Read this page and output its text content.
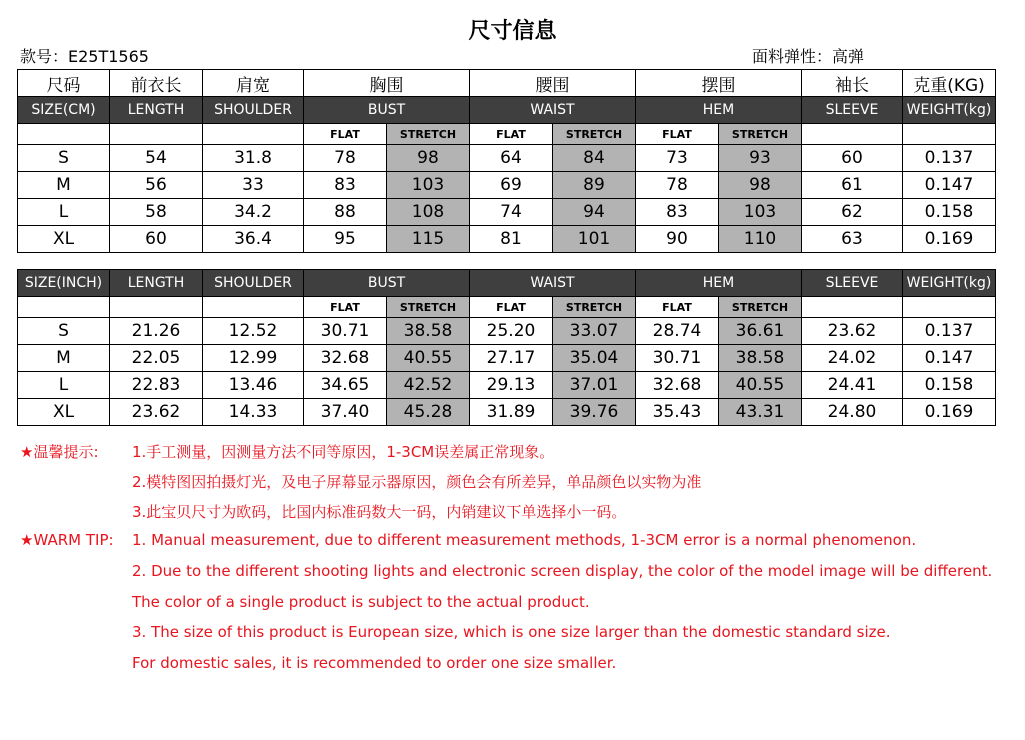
尺寸信息
款号：E25T1565	面料弹性：高弹
尺码	前衣长	肩宽	胸围		腰围		摆围		袖长	克重(KG)
SIZE(CM)	LENGTH	SHOULDER	BUST		WAIST		HEM		SLEEVE	WEIGHT(kg)
			FLAT	STRETCH	FLAT	STRETCH	FLAT	STRETCH		
S	54	31.8	78	98	64	84	73	93	60	0.137
M	56	33	83	103	69	89	78	98	61	0.147
L	58	34.2	88	108	74	94	83	103	62	0.158
XL	60	36.4	95	115	81	101	90	110	63	0.169
SIZE(INCH)	LENGTH	SHOULDER	BUST		WAIST		HEM		SLEEVE	WEIGHT(kg)
			FLAT	STRETCH	FLAT	STRETCH	FLAT	STRETCH		
S	21.26	12.52	30.71	38.58	25.20	33.07	28.74	36.61	23.62	0.137
M	22.05	12.99	32.68	40.55	27.17	35.04	30.71	38.58	24.02	0.147
L	22.83	13.46	34.65	42.52	29.13	37.01	32.68	40.55	24.41	0.158
XL	23.62	14.33	37.40	45.28	31.89	39.76	35.43	43.31	24.80	0.169
★温馨提示: 1.手工测量，因测量方法不同等原因，1-3CM误差属正常现象。
2.模特图因拍摄灯光，及电子屏幕显示器原因，颜色会有所差异，单品颜色以实物为准
3.此宝贝尺寸为欧码，比国内标准码数大一码，内销建议下单选择小一码。
★WARM TIP: 1. Manual measurement, due to different measurement methods, 1-3CM error is a normal phenomenon.
2. Due to the different shooting lights and electronic screen display, the color of the model image will be different.
The color of a single product is subject to the actual product.
3. The size of this product is European size, which is one size larger than the domestic standard size.
For domestic sales, it is recommended to order one size smaller.
